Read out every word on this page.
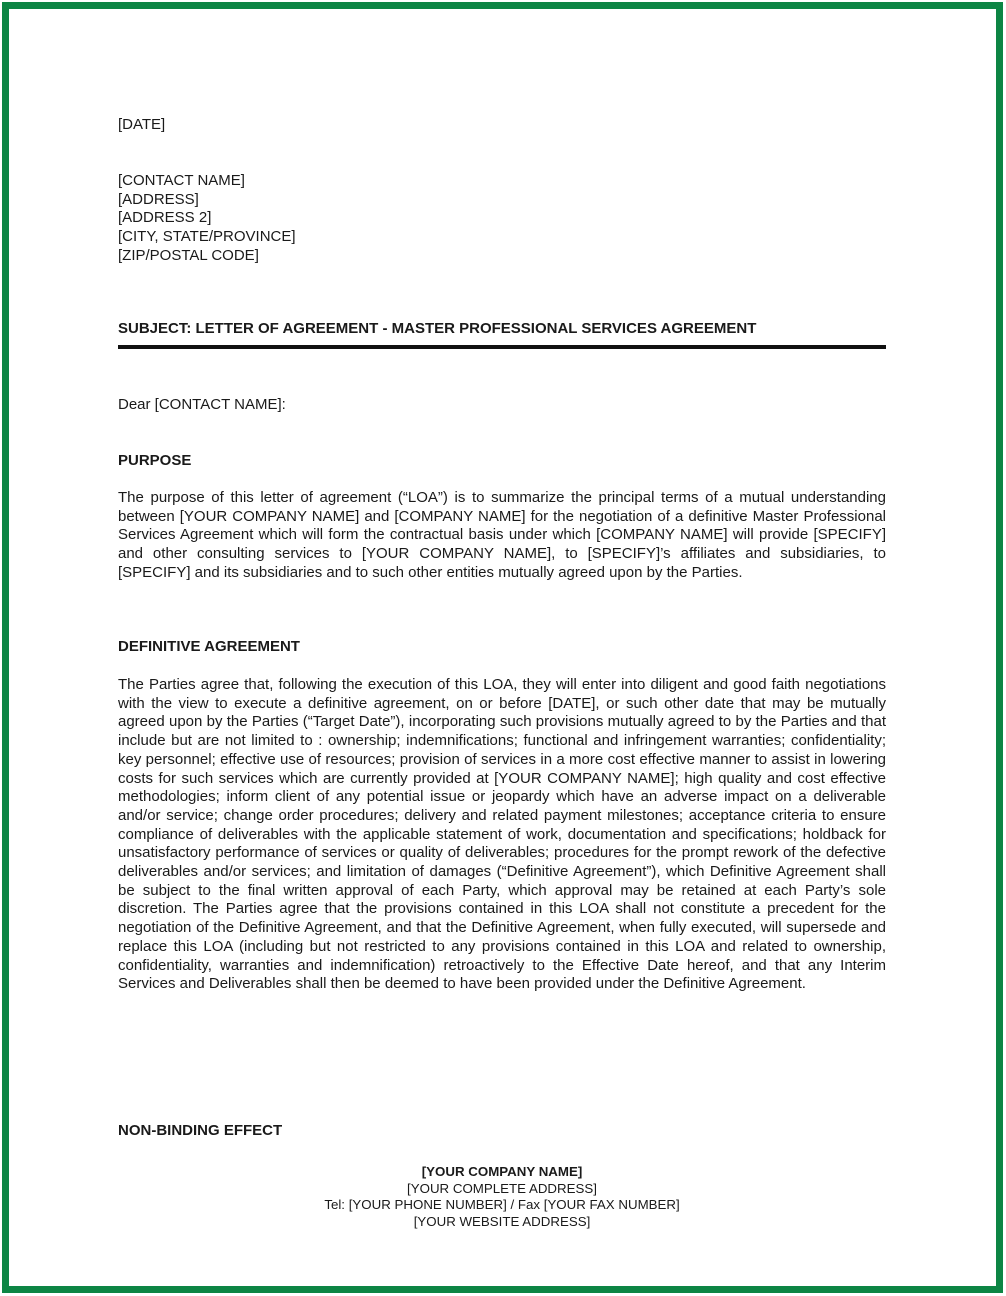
[DATE]
[CONTACT NAME]
[ADDRESS]
[ADDRESS 2]
[CITY, STATE/PROVINCE]
[ZIP/POSTAL CODE]
SUBJECT: LETTER OF AGREEMENT - MASTER PROFESSIONAL SERVICES AGREEMENT
Dear [CONTACT NAME]:
PURPOSE
The purpose of this letter of agreement (“LOA”) is to summarize the principal terms of a mutual understanding between [YOUR COMPANY NAME] and [COMPANY NAME] for the negotiation of a definitive Master Professional Services Agreement which will form the contractual basis under which [COMPANY NAME] will provide [SPECIFY] and other consulting services to [YOUR COMPANY NAME], to [SPECIFY]’s affiliates and subsidiaries, to [SPECIFY] and its subsidiaries and to such other entities mutually agreed upon by the Parties.
DEFINITIVE AGREEMENT
The Parties agree that, following the execution of this LOA, they will enter into diligent and good faith negotiations with the view to execute a definitive agreement, on or before [DATE], or such other date that may be mutually agreed upon by the Parties (“Target Date”), incorporating such provisions mutually agreed to by the Parties and that include but are not limited to : ownership; indemnifications; functional and infringement warranties; confidentiality; key personnel; effective use of resources; provision of services in a more cost effective manner to assist in lowering costs for such services which are currently provided at [YOUR COMPANY NAME]; high quality and cost effective methodologies; inform client of any potential issue or jeopardy which have an adverse impact on a deliverable and/or service; change order procedures; delivery and related payment milestones; acceptance criteria to ensure compliance of deliverables with the applicable statement of work, documentation and specifications; holdback for unsatisfactory performance of services or quality of deliverables; procedures for the prompt rework of the defective deliverables and/or services; and limitation of damages (“Definitive Agreement”), which Definitive Agreement shall be subject to the final written approval of each Party, which approval may be retained at each Party’s sole discretion. The Parties agree that the provisions contained in this LOA shall not constitute a precedent for the negotiation of the Definitive Agreement, and that the Definitive Agreement, when fully executed, will supersede and replace this LOA (including but not restricted to any provisions contained in this LOA and related to ownership, confidentiality, warranties and indemnification) retroactively to the Effective Date hereof, and that any Interim Services and Deliverables shall then be deemed to have been provided under the Definitive Agreement.
NON-BINDING EFFECT
[YOUR COMPANY NAME]
[YOUR COMPLETE ADDRESS]
Tel: [YOUR PHONE NUMBER] / Fax [YOUR FAX NUMBER]
[YOUR WEBSITE ADDRESS]
